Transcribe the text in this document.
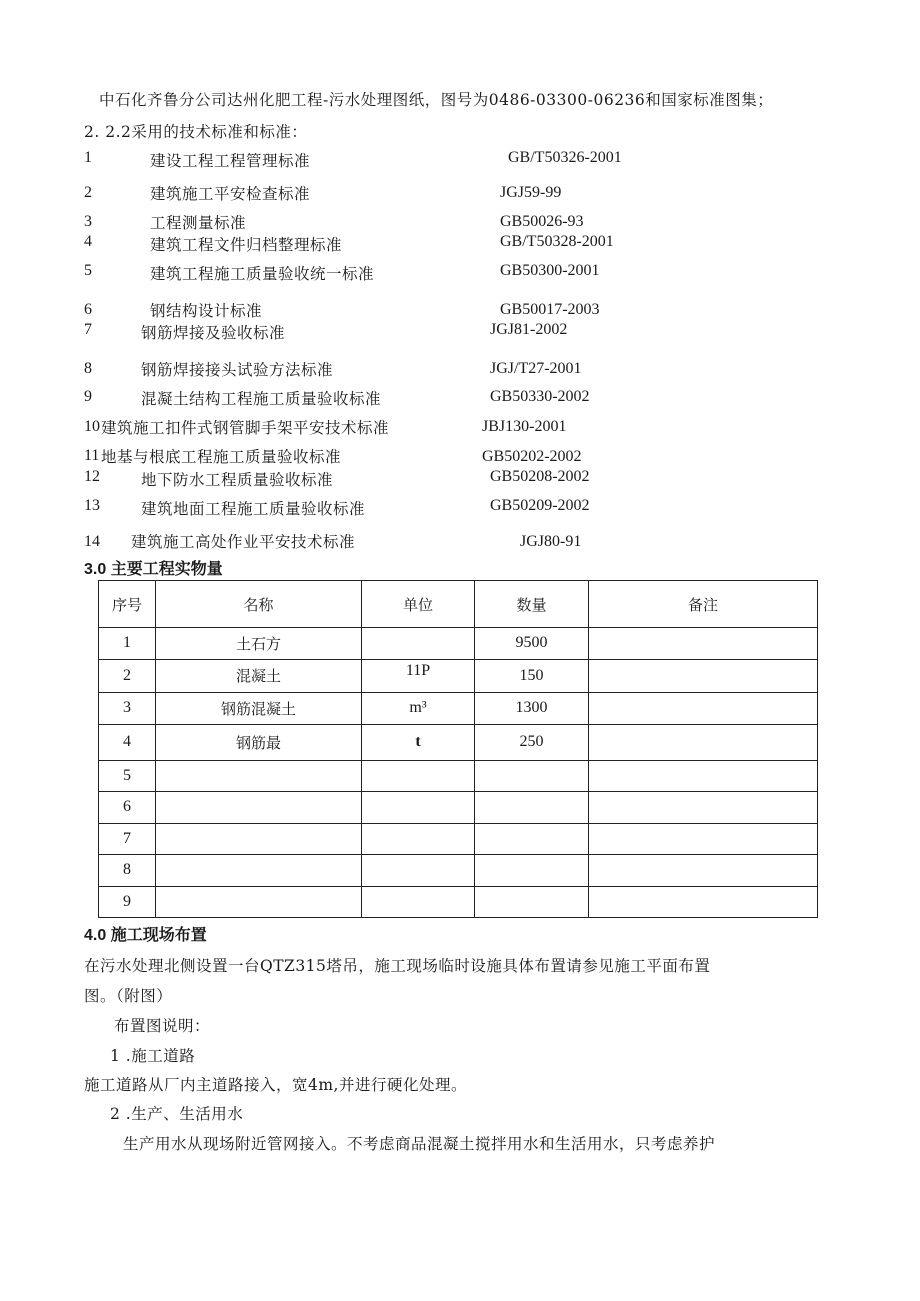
中石化齐鲁分公司达州化肥工程-污水处理图纸，图号为0486-03300-06236和国家标准图集；
2. 2.2采用的技术标准和标准：
1	建设工程工程管理标准	GB/T50326-2001
2	建筑施工平安检查标准	JGJ59-99
3	工程测量标准	GB50026-93
4	建筑工程文件归档整理标准	GB/T50328-2001
5	建筑工程施工质量验收统一标准	GB50300-2001
6	钢结构设计标准	GB50017-2003
7	钢筋焊接及验收标准	JGJ81-2002
8	钢筋焊接接头试验方法标准	JGJ/T27-2001
9	混凝土结构工程施工质量验收标准	GB50330-2002
10 建筑施工扣件式钢管脚手架平安技术标准	JBJ130-2001
11 地基与根底工程施工质量验收标准	GB50202-2002
12	地下防水工程质量验收标准	GB50208-2002
13	建筑地面工程施工质量验收标准	GB50209-2002
14 建筑施工高处作业平安技术标准	JGJ80-91
3.0 主要工程实物量
序号	名称	单位	数量	备注
1	土石方		9500	
2	混凝土	11P	150	
3	钢筋混凝土	m³	1300	
4	钢筋最	t	250	
5				
6				
7				
8				
9				
4.0 施工现场布置
在污水处理北侧设置一台QTZ315塔吊，施工现场临时设施具体布置请参见施工平面布置
图。（附图）
布置图说明：
1 .施工道路
施工道路从厂内主道路接入，宽4m,并进行硬化处理。
2 .生产、生活用水
生产用水从现场附近管网接入。不考虑商品混凝土搅拌用水和生活用水，只考虑养护
